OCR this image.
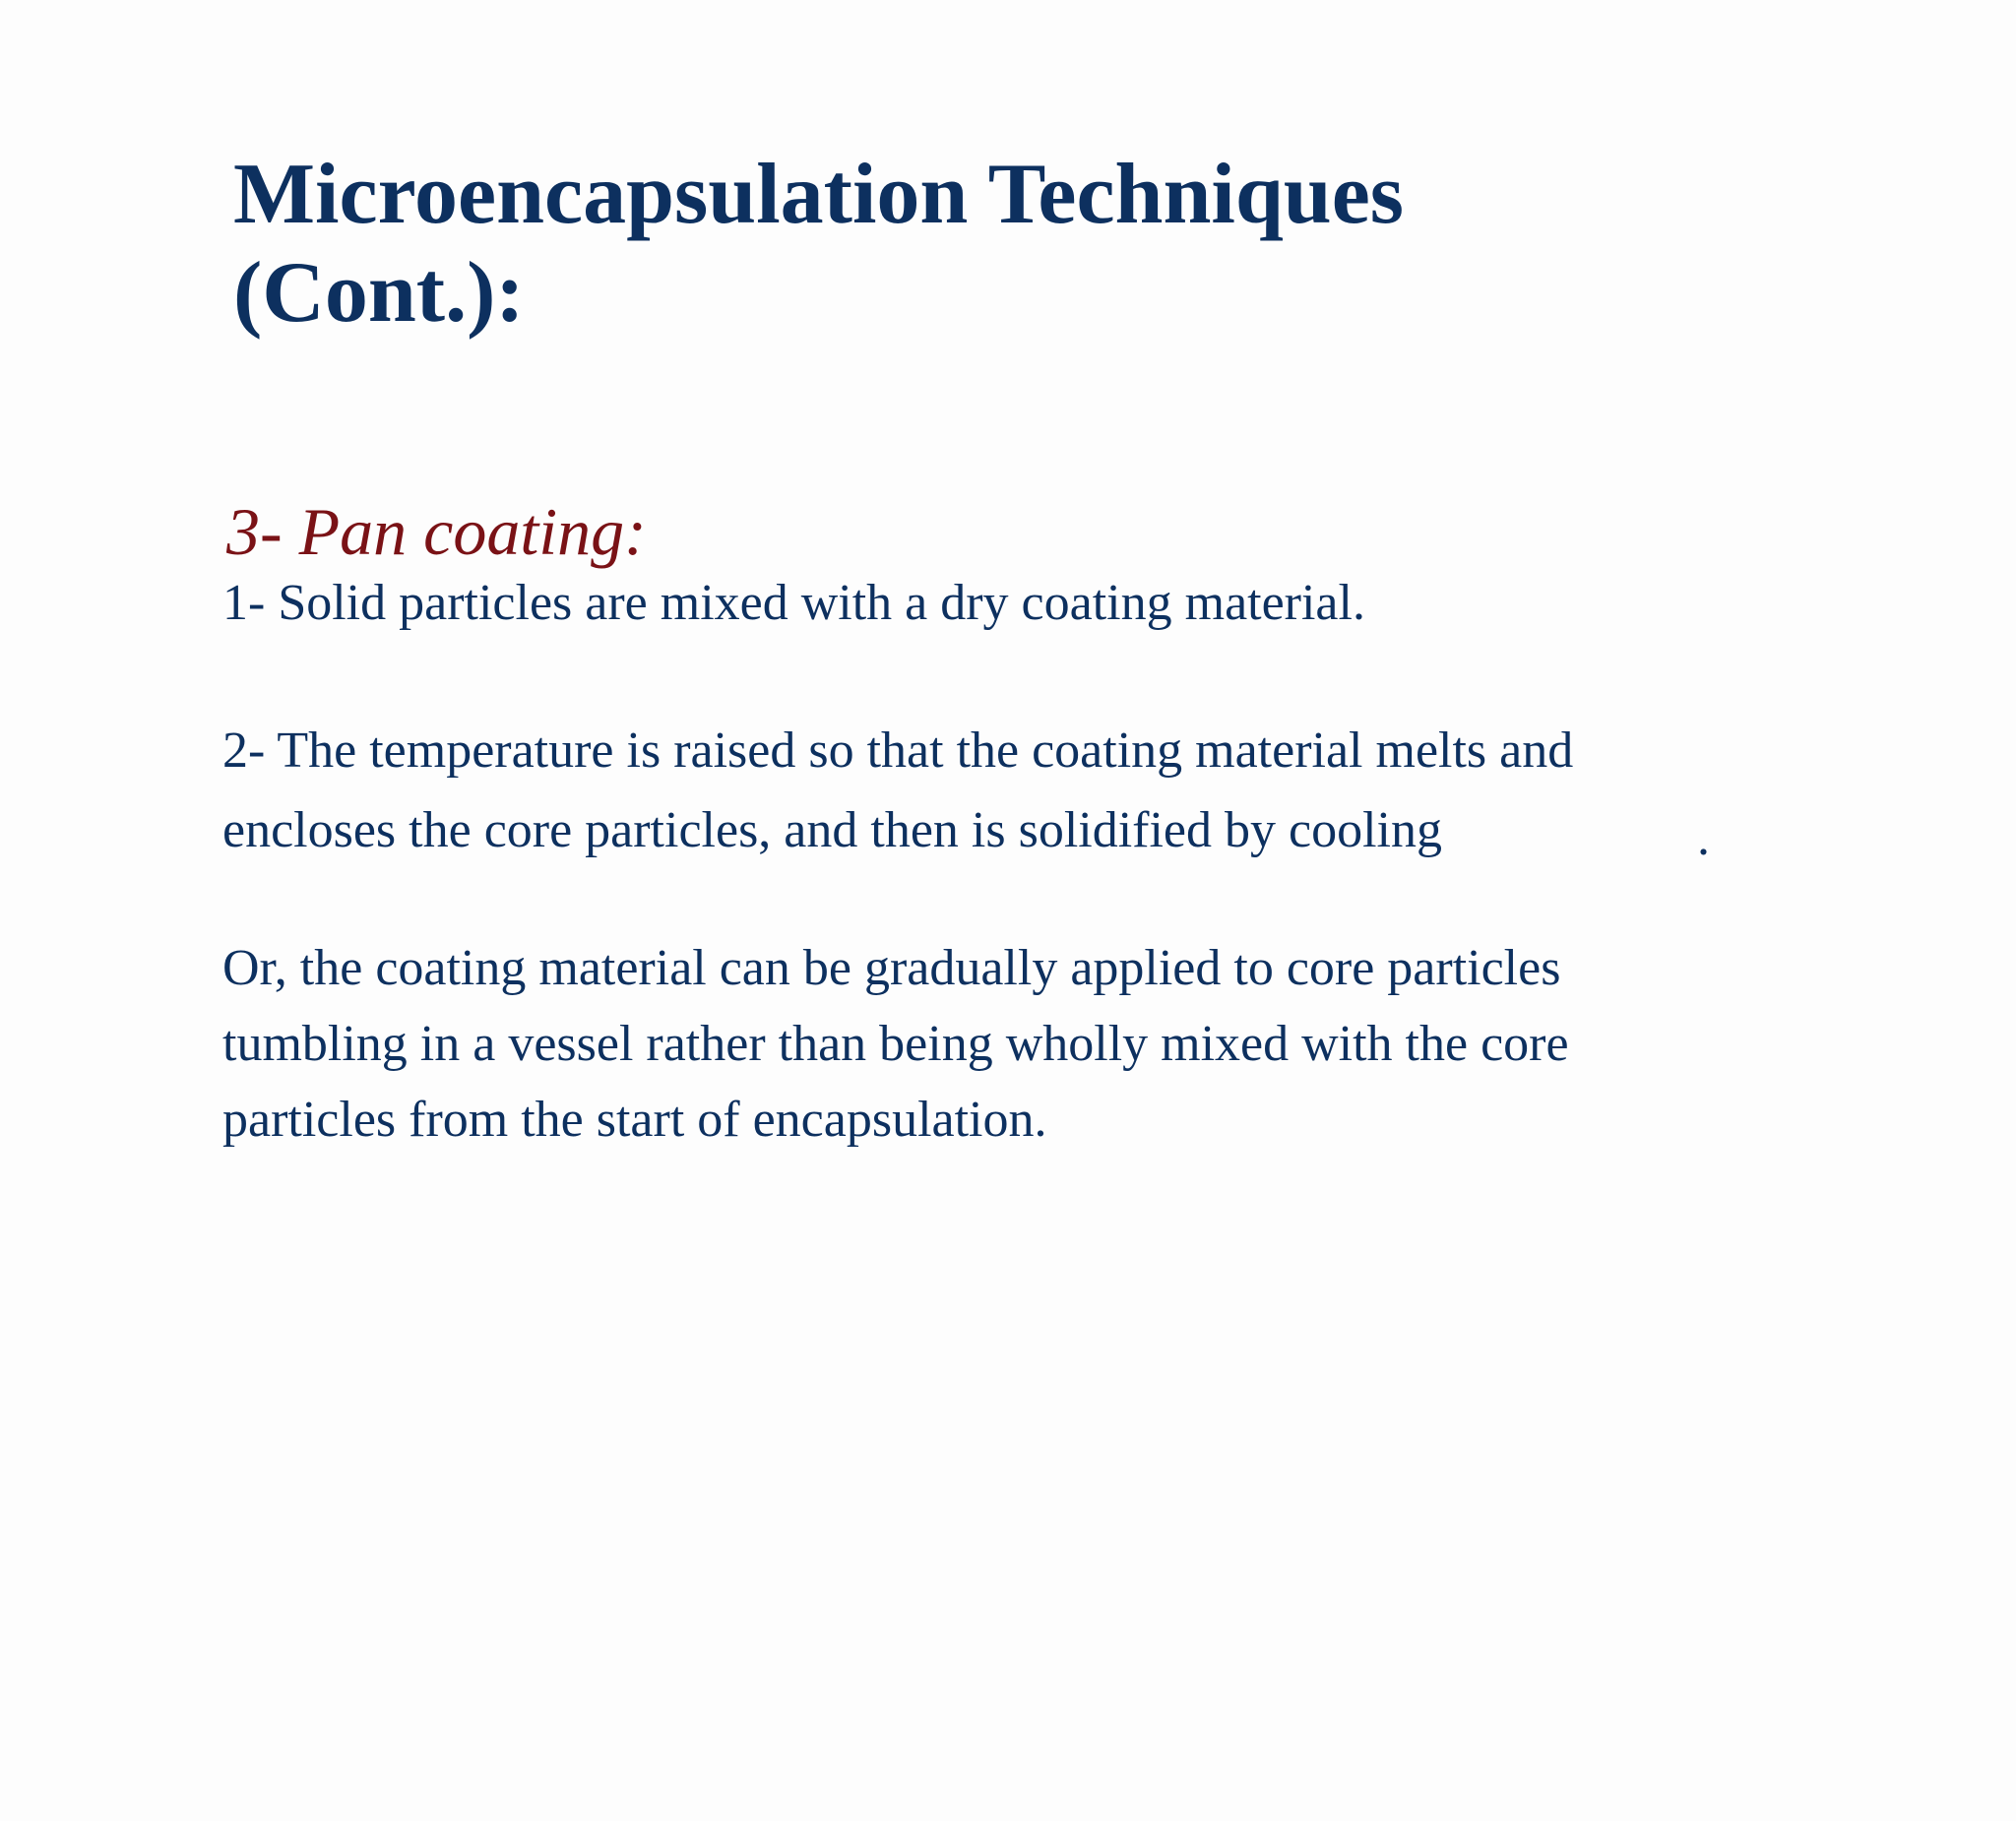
Microencapsulation Techniques
(Cont.):
3- Pan coating:

1- Solid particles are mixed with a dry coating material.

2- The temperature is raised so that the coating material melts and
encloses the core particles, and then is solidified by cooling	.

Or, the coating material can be gradually applied to core particles
tumbling in a vessel rather than being wholly mixed with the core
particles from the start of encapsulation.
